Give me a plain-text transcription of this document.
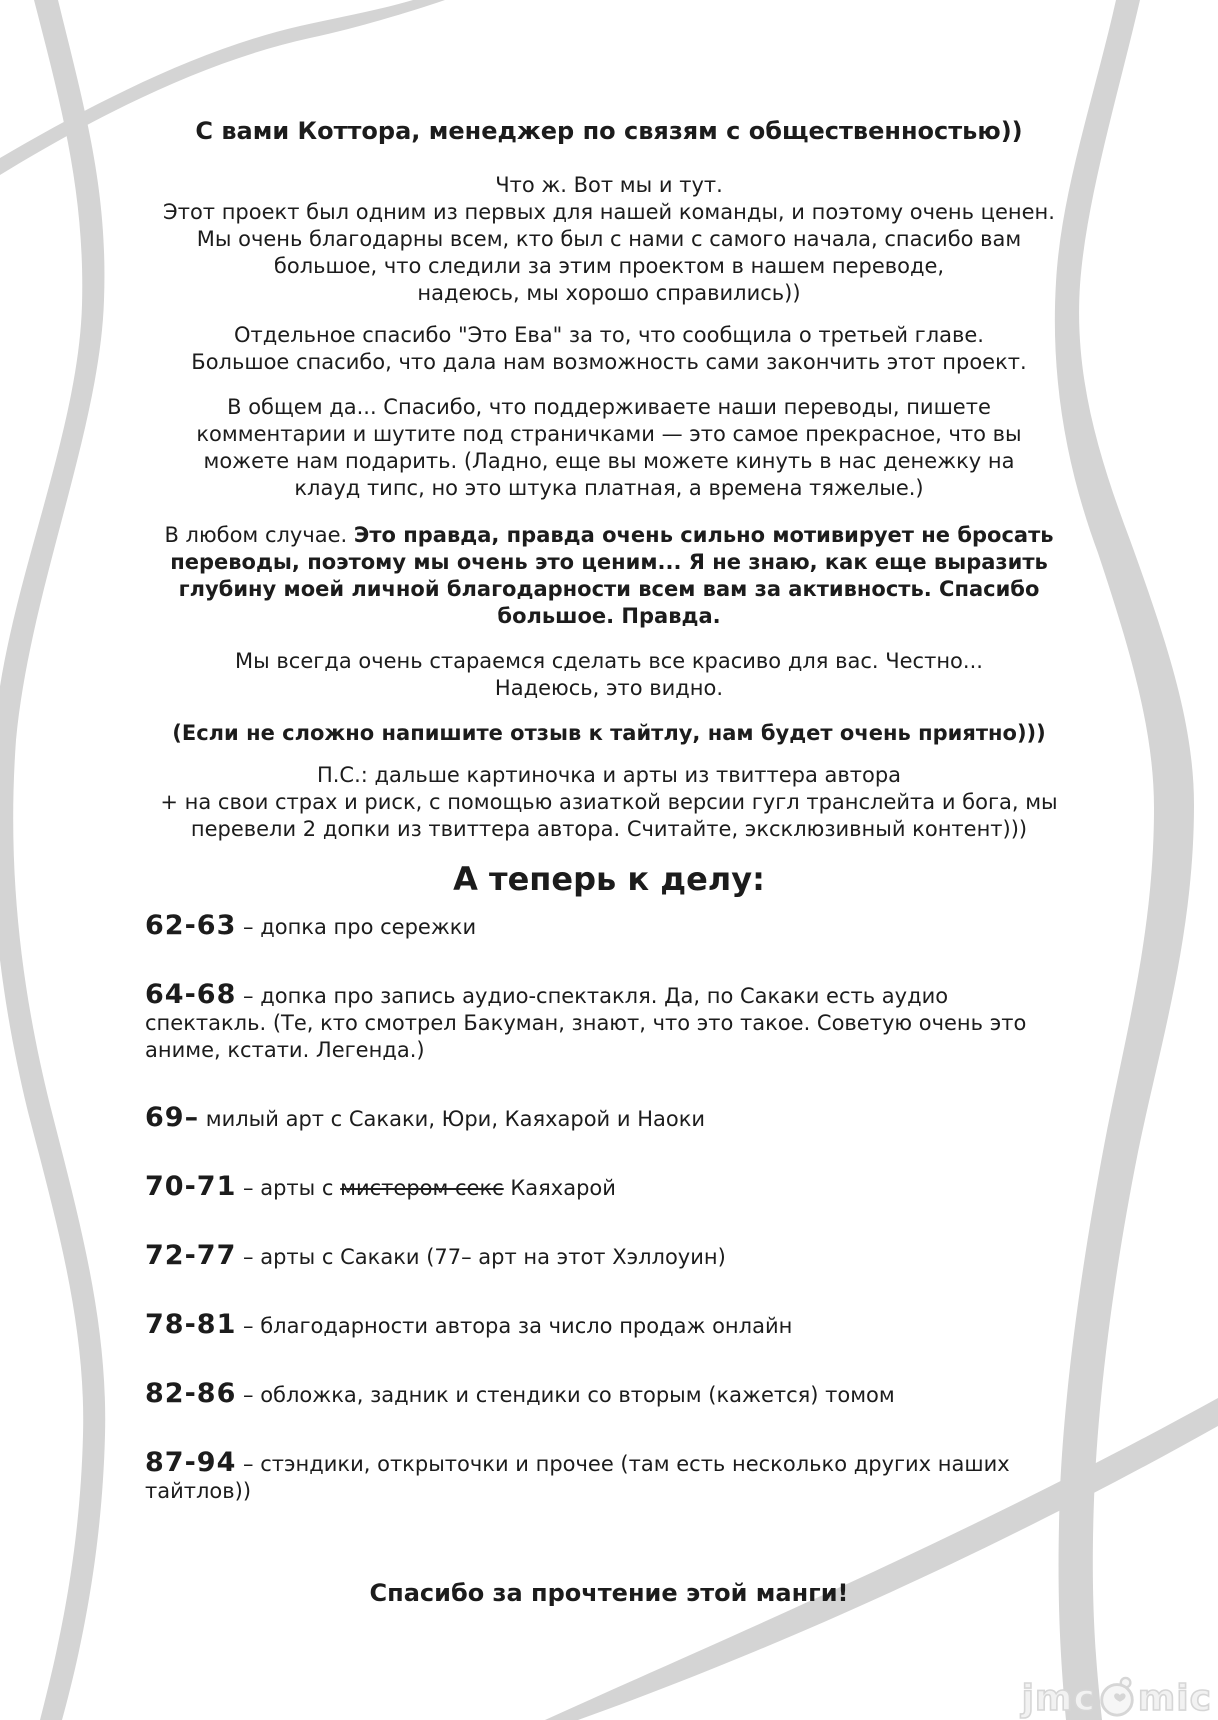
С вами Коттора, менеджер по связям с общественностью))
Что ж. Вот мы и тут.
Этот проект был одним из первых для нашей команды, и поэтому очень ценен.
Мы очень благодарны всем, кто был с нами с самого начала, спасибо вам
большое, что следили за этим проектом в нашем переводе,
надеюсь, мы хорошо справились))
Отдельное спасибо "Это Ева" за то, что сообщила о третьей главе.
Большое спасибо, что дала нам возможность сами закончить этот проект.
В общем да... Спасибо, что поддерживаете наши переводы, пишете
комментарии и шутите под страничками — это самое прекрасное, что вы
можете нам подарить. (Ладно, еще вы можете кинуть в нас денежку на
клауд типс, но это штука платная, а времена тяжелые.)
В любом случае. Это правда, правда очень сильно мотивирует не бросать
переводы, поэтому мы очень это ценим... Я не знаю, как еще выразить
глубину моей личной благодарности всем вам за активность. Спасибо
большое. Правда.
Мы всегда очень стараемся сделать все красиво для вас. Честно...
Надеюсь, это видно.
(Если не сложно напишите отзыв к тайтлу, нам будет очень приятно)))
П.С.: дальше картиночка и арты из твиттера автора
+ на свои страх и риск, с помощью азиаткой версии гугл транслейта и бога, мы
перевели 2 допки из твиттера автора. Считайте, эксклюзивный контент)))
А теперь к делу:

62-63 – допка про сережки

64-68 – допка про запись аудио-спектакля. Да, по Сакаки есть аудио спектакль. (Те, кто смотрел Бакуман, знают, что это такое. Советую очень это аниме, кстати. Легенда.)

69– милый арт с Сакаки, Юри, Каяхарой и Наоки

70-71 – арты с мистером секс Каяхарой

72-77 – арты с Сакаки (77– арт на этот Хэллоуин)

78-81 – благодарности автора за число продаж онлайн

82-86 – обложка, задник и стендики со вторым (кажется) томом

87-94 – стэндики, открыточки и прочее (там есть несколько других наших тайтлов))

Спасибо за прочтение этой манги!
jmc mic
